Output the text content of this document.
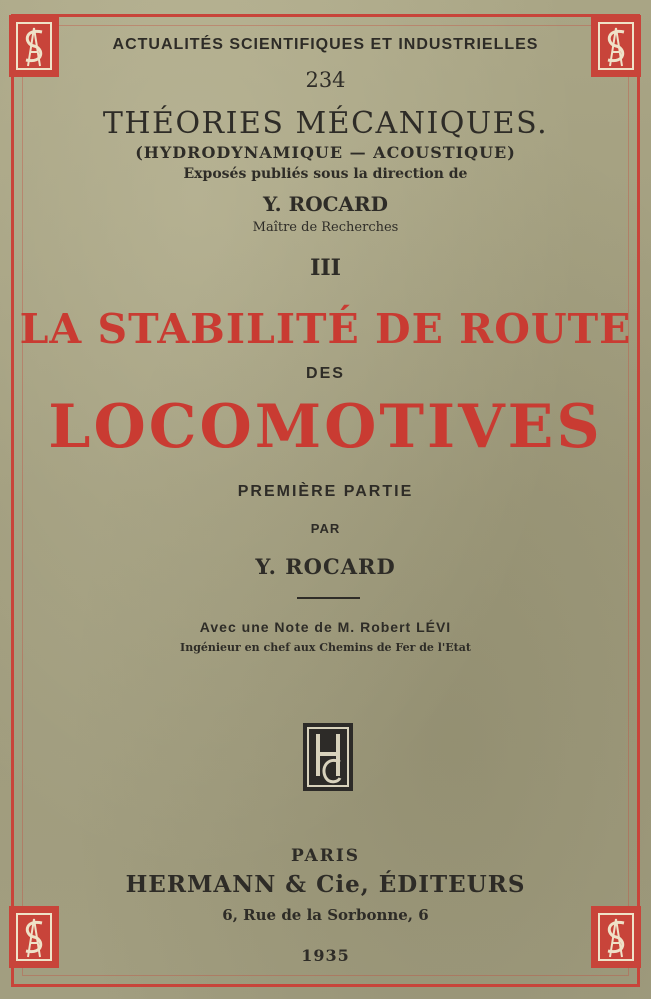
ACTUALITÉS SCIENTIFIQUES ET INDUSTRIELLES
234
THÉORIES MÉCANIQUES.
(HYDRODYNAMIQUE — ACOUSTIQUE)
Exposés publiés sous la direction de
Y. ROCARD
Maître de Recherches
III
LA STABILITÉ DE ROUTE
DES
LOCOMOTIVES
PREMIÈRE PARTIE
PAR
Y. ROCARD
Avec une Note de M. Robert LÉVI
Ingénieur en chef aux Chemins de Fer de l'Etat
PARIS
HERMANN & Cie, ÉDITEURS
6, Rue de la Sorbonne, 6
1935
